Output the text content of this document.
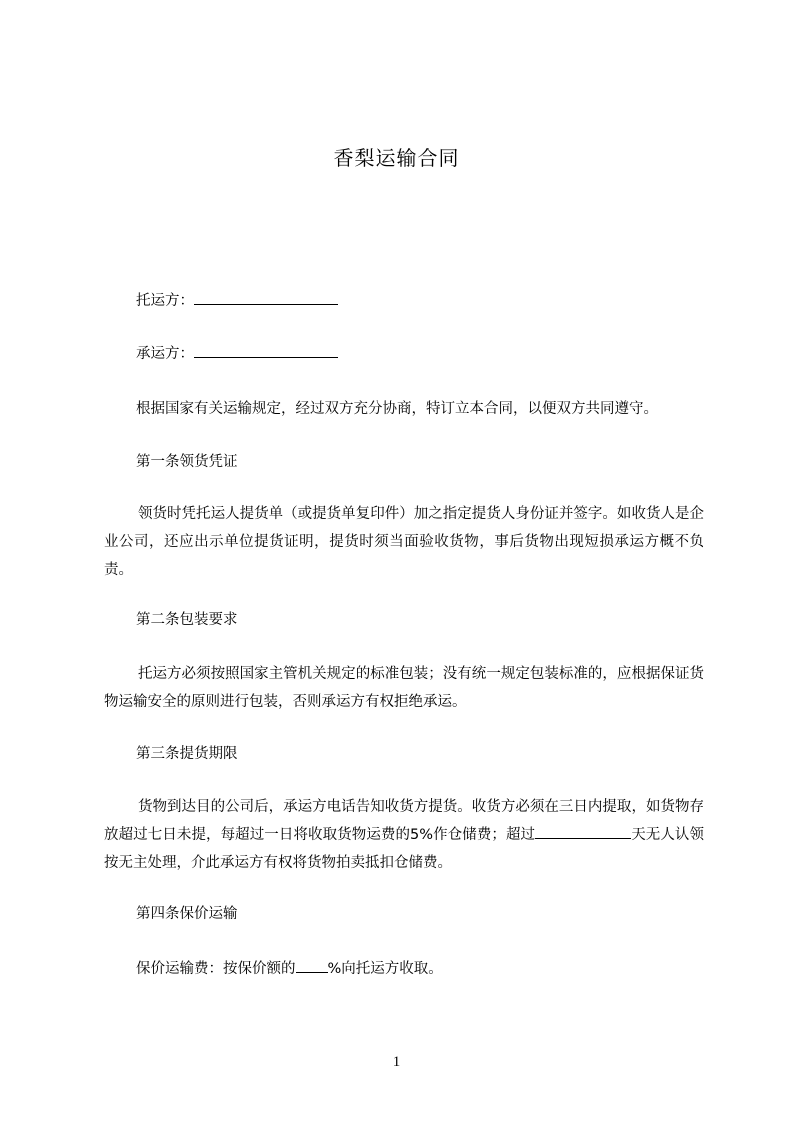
香梨运输合同
托运方：
承运方：
根据国家有关运输规定，经过双方充分协商，特订立本合同，以便双方共同遵守。
第一条领货凭证
领货时凭托运人提货单（或提货单复印件）加之指定提货人身份证并签字。如收货人是企业公司，还应出示单位提货证明，提货时须当面验收货物，事后货物出现短损承运方概不负责。
第二条包装要求
托运方必须按照国家主管机关规定的标准包装；没有统一规定包装标准的，应根据保证货物运输安全的原则进行包装，否则承运方有权拒绝承运。
第三条提货期限
货物到达目的公司后，承运方电话告知收货方提货。收货方必须在三日内提取，如货物存放超过七日未提，每超过一日将收取货物运费的5%作仓储费；超过	天无人认领按无主处理，介此承运方有权将货物拍卖抵扣仓储费。
第四条保价运输
保价运输费：按保价额的 %向托运方收取。
1
